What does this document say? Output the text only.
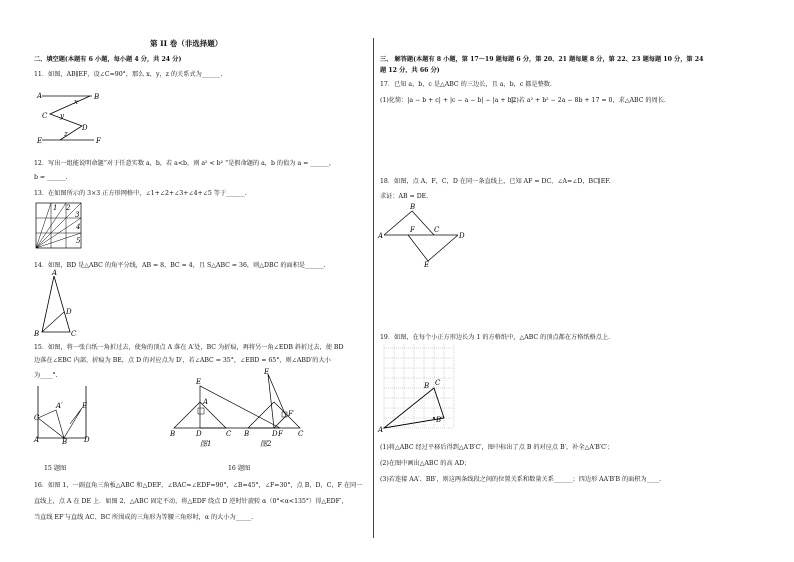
第 II 卷（非选择题）
二、填空题(本题有 6 小题，每小题 4 分，共 24 分)
11．如图，AB∥EF，设∠C=90°，那么 x，y，z 的关系式为______.
A	B
C
D
E	F
x
y
z
12．写出一组能说明命题“对于任意实数 a，b，若 a<b，则 a² < b² ”是假命题的 a，b 的值为 a = ______，
b = ______.
13．在如图所示的 3×3 正方形网格中，∠1+∠2+∠3+∠4+∠5 等于______.
1 2
3
4
5
14．如图，BD 是△ABC 的角平分线，AB = 8，BC = 4，且 S△ABC = 36，则△DBC 的面积是______.
A
B	C
D
15．如图，将一张白纸一角折过去，使角的顶点 A 落在 A′处，BC 为折痕，再将另一角∠EDB 斜折过去，使 BD
边落在∠EBC 内部，折痕为 BE，点 D 的对应点为 D′，若∠ABC = 35°，∠EBD = 65°，则∠ABD′的大小
为____°.
C
A′	E
A	B D
15 题图
E
A
B	D	C	F
图1
E
F′
B	D	C
图2
16 题图
16．如图 1，一副直角三角板△ABC 和△DEF，∠BAC=∠EDF=90°，∠B=45°，∠F=30°，点 B，D，C，F 在同一
直线上，点 A 在 DE 上．如图 2，△ABC 固定不动，将△EDF 绕点 D 逆时针旋转 α（0°<α<135°）得△EDF′，
当直线 EF′与直线 AC、BC 所围成的三角形为等腰三角形时，α 的大小为_____.
三、 解答题(本题有 8 小题，第 17～19 题每题 6 分，第 20、21 题每题 8 分，第 22、23 题每题 10 分，第 24
题 12 分，共 66 分)
17．已知 a，b，c 是△ABC 的三边长，且 a，b，c 都是整数.
(1)化简：|a − b + c| + |c − a − b| − |a + b|；
(2)若 a² + b² − 2a − 8b + 17 = 0，求△ABC 的周长.
18．如图，点 A，F，C，D 在同一条直线上，已知 AF = DC，∠A=∠D，BC∥EF.
求证：AB = DE.
A
B
F	C
D
E
19．如图，在每个小正方形边长为 1 的方格纸中，△ABC 的顶点都在方格纸格点上.
A
B C
B′
(1)将△ABC 经过平移后得到△A′B′C′，图中标出了点 B 的对应点 B′，补全△A′B′C′；
(2)在图中画出△ABC 的高 AD；
(3)若连接 AA′、BB′，则这两条线段之间的位置关系和数量关系______；四边形 AA′B′B 的面积为____.
